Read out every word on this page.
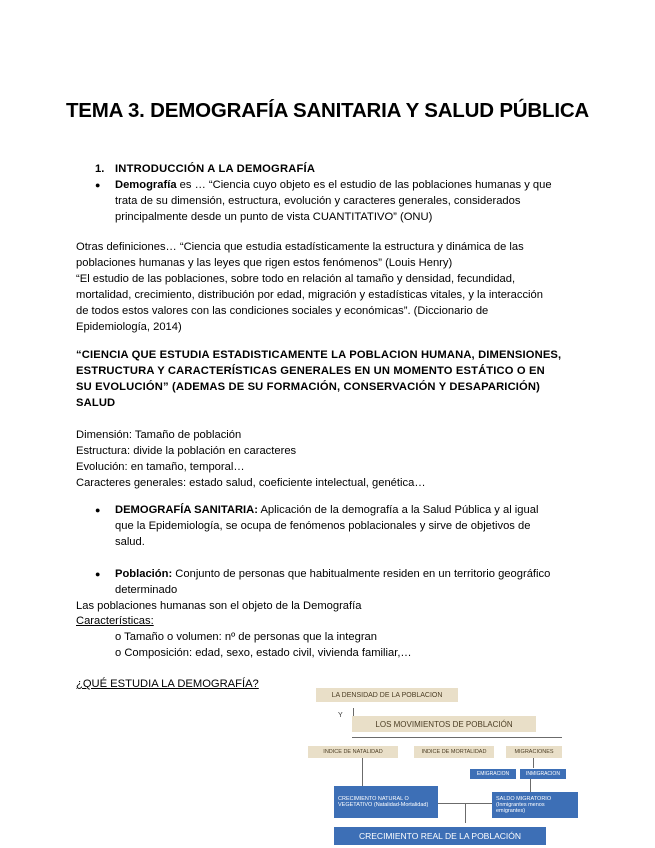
TEMA 3. DEMOGRAFÍA SANITARIA Y SALUD PÚBLICA
1. INTRODUCCIÓN A LA DEMOGRAFÍA
● Demografía es … “Ciencia cuyo objeto es el estudio de las poblaciones humanas y que
trata de su dimensión, estructura, evolución y caracteres generales, considerados
principalmente desde un punto de vista CUANTITATIVO” (ONU)
Otras definiciones… “Ciencia que estudia estadísticamente la estructura y dinámica de las
poblaciones humanas y las leyes que rigen estos fenómenos” (Louis Henry)
“El estudio de las poblaciones, sobre todo en relación al tamaño y densidad, fecundidad,
mortalidad, crecimiento, distribución por edad, migración y estadísticas vitales, y la interacción
de todos estos valores con las condiciones sociales y económicas”. (Diccionario de
Epidemiología, 2014)
“CIENCIA QUE ESTUDIA ESTADISTICAMENTE LA POBLACION HUMANA, DIMENSIONES,
ESTRUCTURA Y CARACTERÍSTICAS GENERALES EN UN MOMENTO ESTÁTICO O EN
SU EVOLUCIÓN” (ADEMAS DE SU FORMACIÓN, CONSERVACIÓN Y DESAPARICIÓN)
SALUD
Dimensión: Tamaño de población
Estructura: divide la población en caracteres
Evolución: en tamaño, temporal…
Caracteres generales: estado salud, coeficiente intelectual, genética…
● DEMOGRAFÍA SANITARIA: Aplicación de la demografía a la Salud Pública y al igual
que la Epidemiología, se ocupa de fenómenos poblacionales y sirve de objetivos de
salud.
● Población: Conjunto de personas que habitualmente residen en un territorio geográfico
determinado
Las poblaciones humanas son el objeto de la Demografía
Características:
o Tamaño o volumen: nº de personas que la integran
o Composición: edad, sexo, estado civil, vivienda familiar,…
¿QUÉ ESTUDIA LA DEMOGRAFÍA?
LA DENSIDAD DE LA POBLACION
Y
LOS MOVIMIENTOS DE POBLACIÓN
INDICE DE NATALIDAD	INDICE DE MORTALIDAD	MIGRACIONES
EMIGRACION	INMIGRACION
CRECIMIENTO NATURAL O VEGETATIVO (Natalidad-Mortalidad)
SALDO MIGRATORIO (Inmigrantes menos emigrantes)
CRECIMIENTO REAL DE LA POBLACIÓN
